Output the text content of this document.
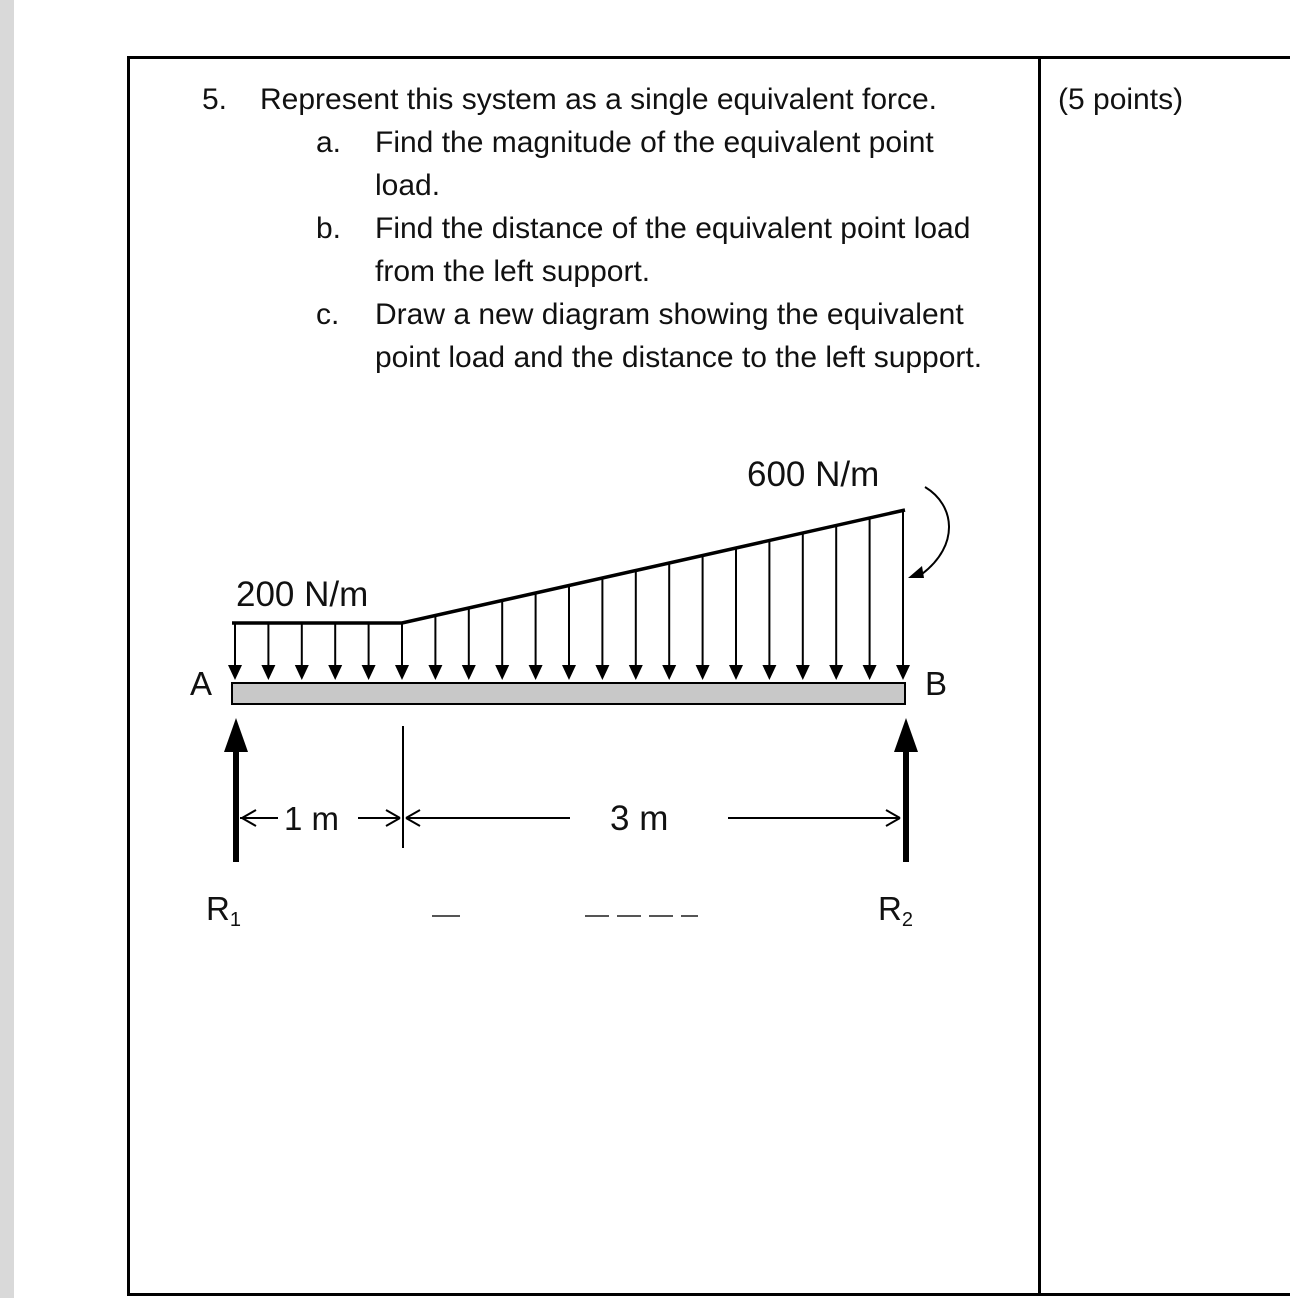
5. Represent this system as a single equivalent force.	(5 points)
a. Find the magnitude of the equivalent point load.
b. Find the distance of the equivalent point load from the left support.
c. Draw a new diagram showing the equivalent point load and the distance to the left support.
200 N/m
600 N/m
A	B
1 m	3 m
R1	R2
